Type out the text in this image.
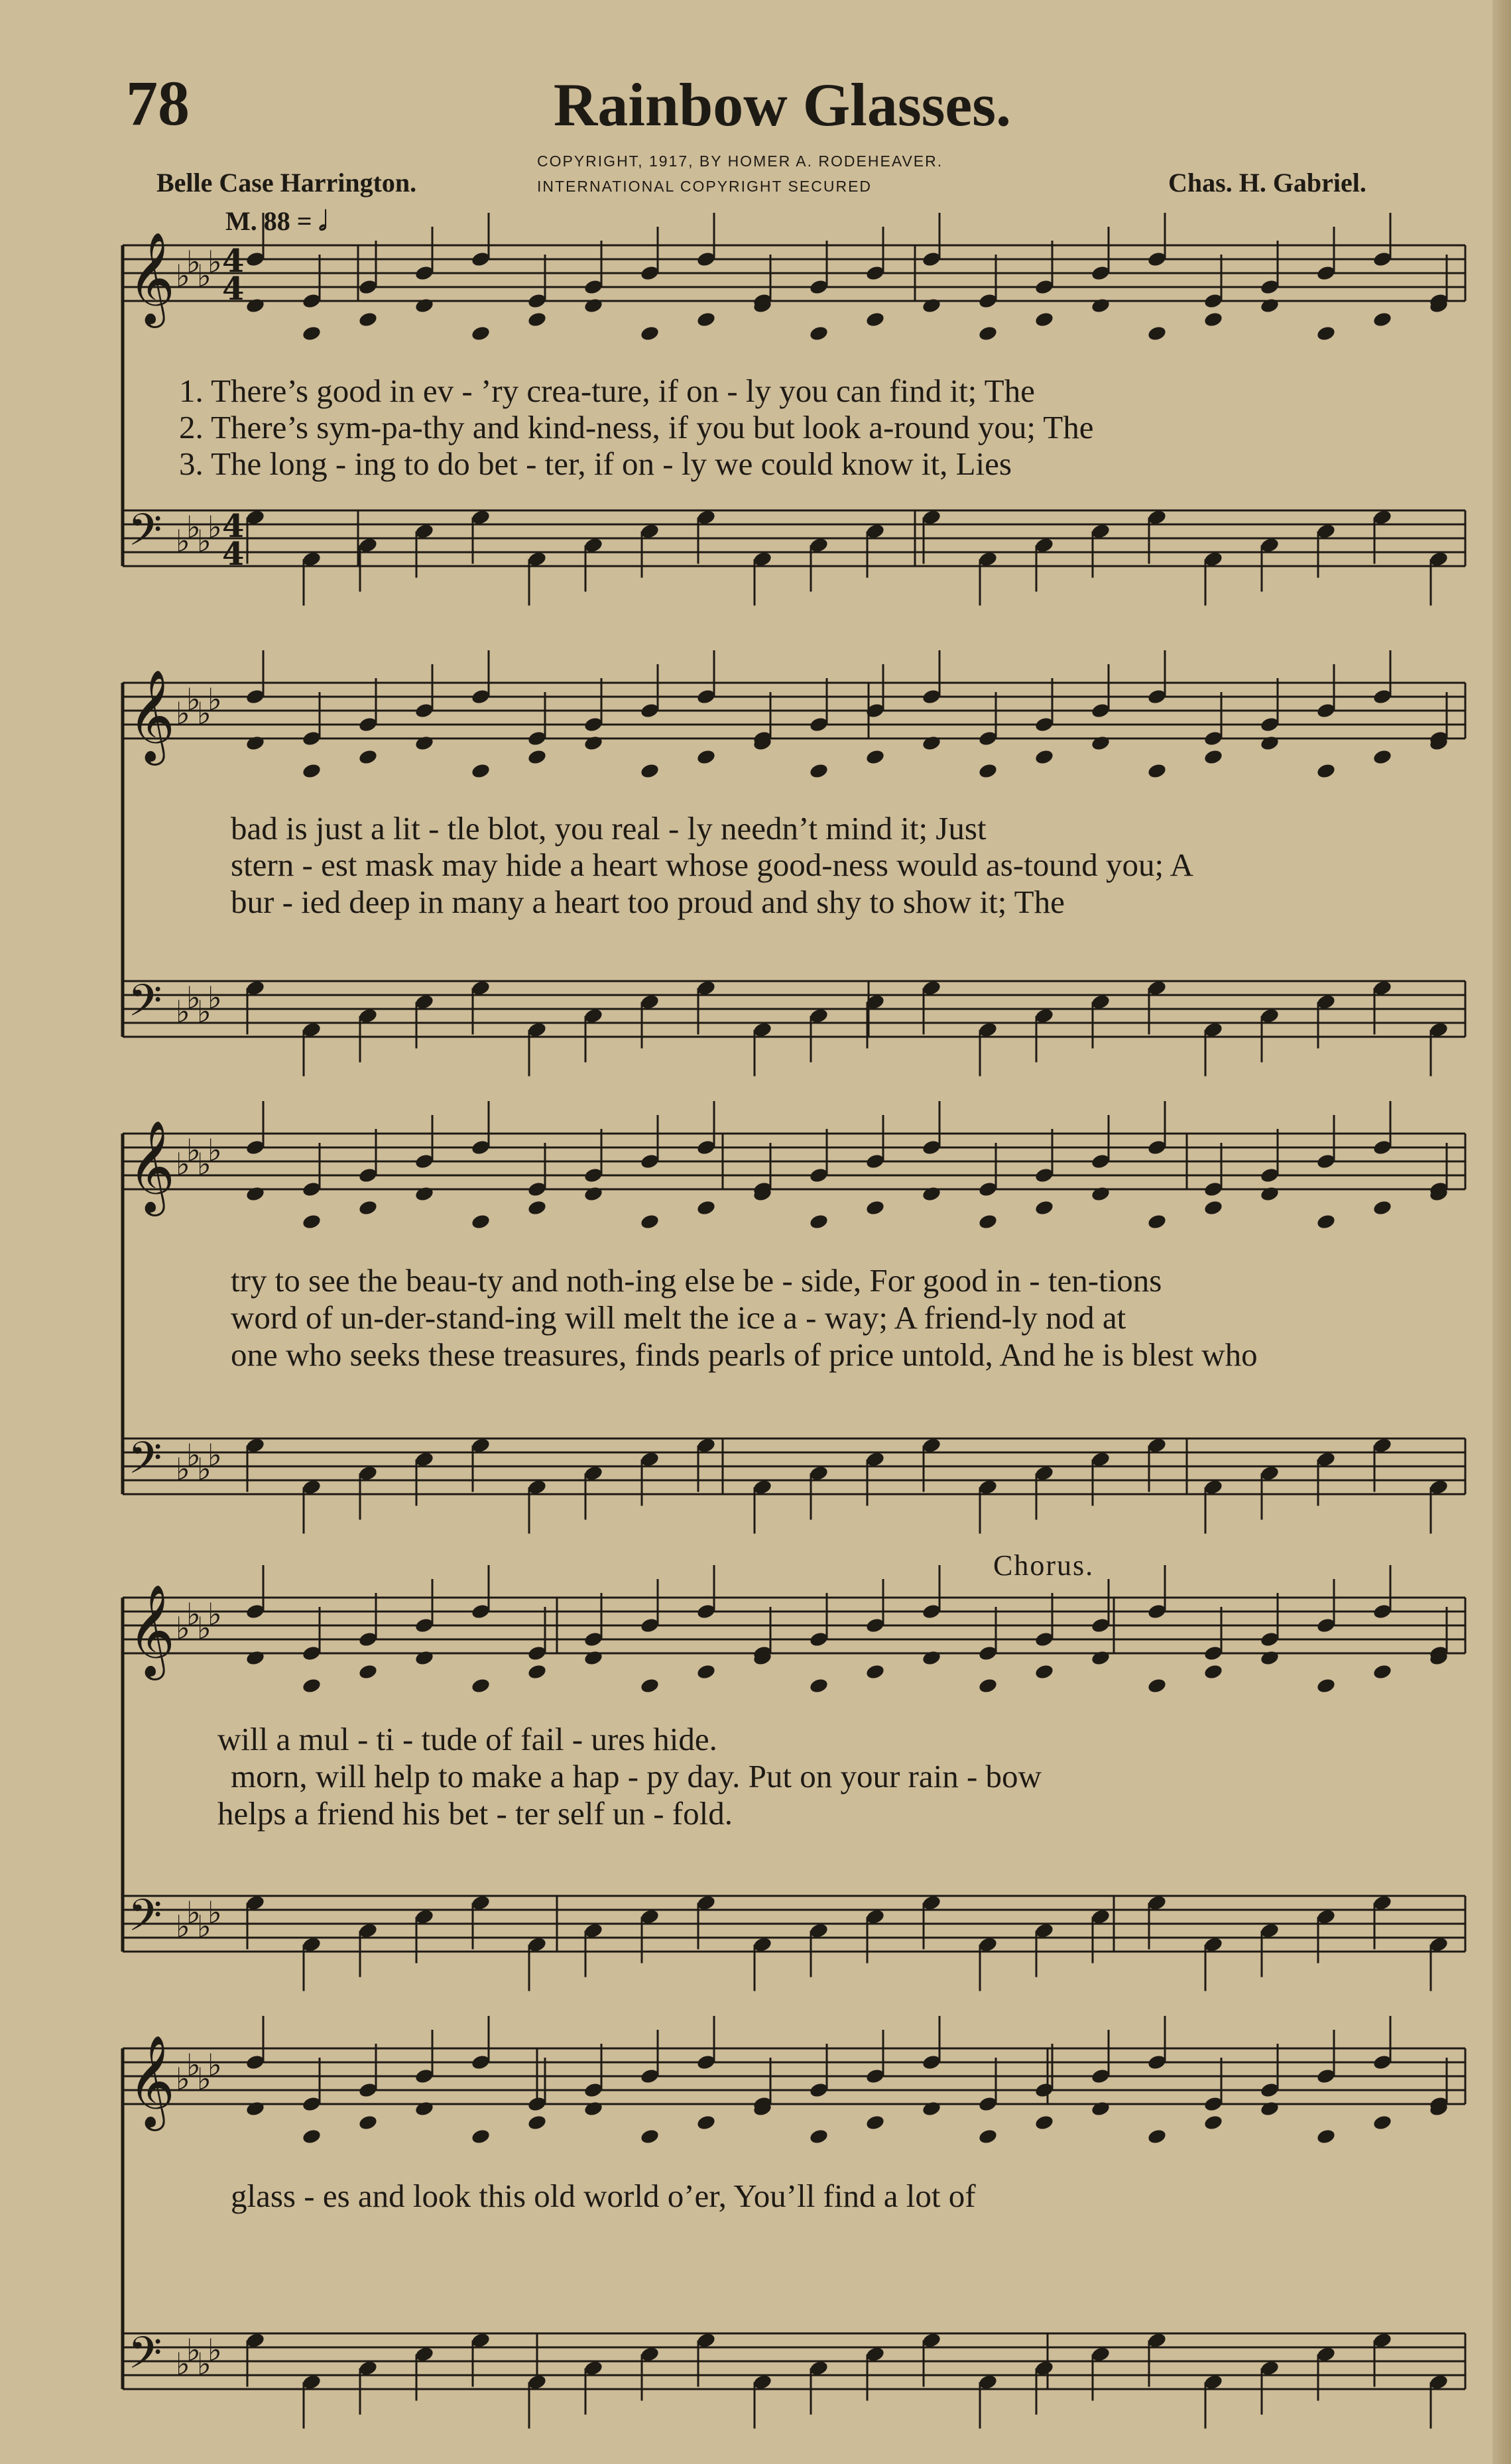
78	Rainbow Glasses.
COPYRIGHT, 1917, BY HOMER A. RODEHEAVER.
INTERNATIONAL COPYRIGHT SECURED
Belle Case Harrington.	Chas. H. Gabriel.
M. 88 = 𝅗𝅥
Chorus.
𝄞 ♭
♭
♭
♭
𝄢 ♭
♭
♭
♭
𝄞 ♭
♭
♭
♭
𝄢 ♭
♭
♭
♭
𝄞 ♭
♭
♭
♭
𝄢 ♭
♭
♭
♭
𝄞 ♭
♭
♭
♭
𝄢 ♭
♭
♭
♭
𝄞 ♭
♭
♭
♭
𝄢 ♭
♭
♭
♭
4
4
4
4
1. There’s good in ev - ’ry crea-ture, if on - ly you can find it; The
2. There’s sym-pa-thy and kind-ness, if you but look a-round you; The
3. The long - ing to do bet - ter, if on - ly we could know it, Lies
bad is just a lit - tle blot, you real - ly needn’t mind it; Just
stern - est mask may hide a heart whose good-ness would as-tound you; A
bur - ied deep in many a heart too proud and shy to show it; The
try to see the beau-ty and noth-ing else be - side, For good in - ten-tions
word of un-der-stand-ing will melt the ice a - way; A friend-ly nod at
one who seeks these treasures, finds pearls of price untold, And he is blest who
will a mul - ti - tude of fail - ures hide.
morn, will help to make a hap - py day. Put on your rain - bow
helps a friend his bet - ter self un - fold.
glass - es and look this old world o’er, You’ll find a lot of
